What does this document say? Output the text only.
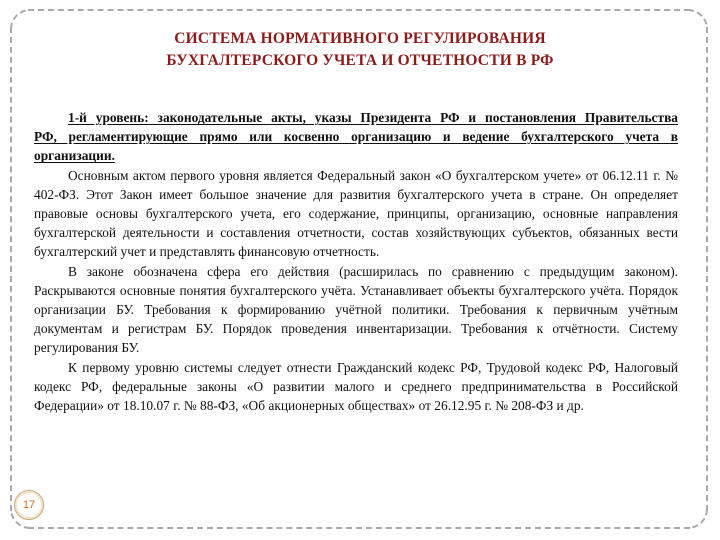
СИСТЕМА НОРМАТИВНОГО РЕГУЛИРОВАНИЯ
БУХГАЛТЕРСКОГО УЧЕТА И ОТЧЕТНОСТИ В РФ

1-й уровень: законодательные акты, указы Президента РФ и постановления Правительства РФ, регламентирующие прямо или косвенно организацию и ведение бухгалтерского учета в организации.

Основным актом первого уровня является Федеральный закон «О бухгалтерском учете» от 06.12.11 г. № 402-ФЗ. Этот Закон имеет большое значение для развития бухгалтерского учета в стране. Он определяет правовые основы бухгалтерского учета, его содержание, принципы, организацию, основные направления бухгалтерской деятельности и составления отчетности, состав хозяйствующих субъектов, обязанных вести бухгалтерский учет и представлять финансовую отчетность.

В законе обозначена сфера его действия (расширилась по сравнению с предыдущим законом). Раскрываются основные понятия бухгалтерского учёта. Устанавливает объекты бухгалтерского учёта. Порядок организации БУ. Требования к формированию учётной политики. Требования к первичным учётным документам и регистрам БУ. Порядок проведения инвентаризации. Требования к отчётности. Систему регулирования БУ.

К первому уровню системы следует отнести Гражданский кодекс РФ, Трудовой кодекс РФ, Налоговый кодекс РФ, федеральные законы «О развитии малого и среднего предпринимательства в Российской Федерации» от 18.10.07 г. № 88-ФЗ, «Об акционерных обществах» от 26.12.95 г. № 208-ФЗ и др.

17
